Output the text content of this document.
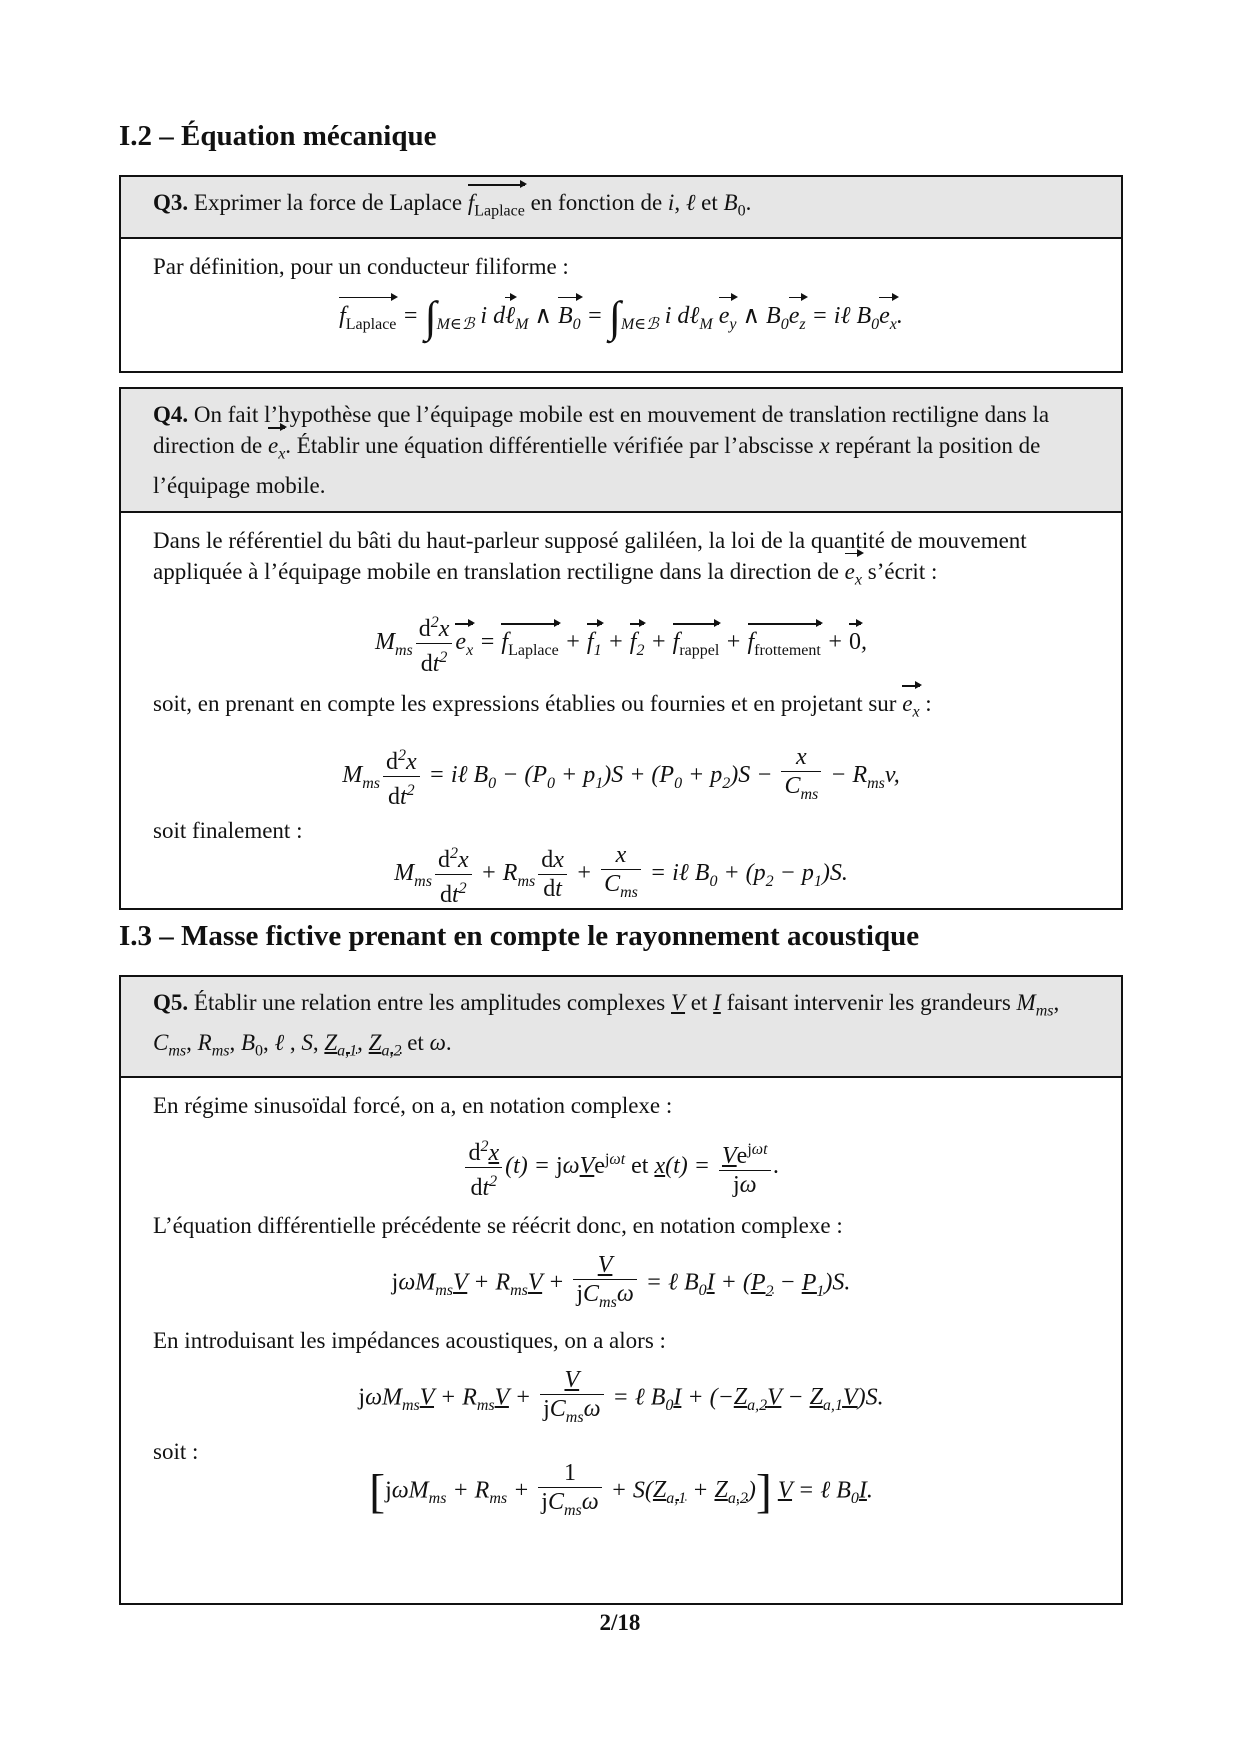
I.2 – Équation mécanique
Q3. Exprimer la force de Laplace $f_{Laplace}$ en fonction de i, ℓ et $B_0$.

Par définition, pour un conducteur filiforme :

$f_{Laplace} = \int_{M\in ℬ}$ i dℓ$_M$ ∧ $B_0 = \int_{M\in ℬ}$ i dℓ$_M$ $e_y$ ∧ $B_0e_z$ = iℓ $B_0e_x$.
Q4. On fait l’hypothèse que l’équipage mobile est en mouvement de translation rectiligne dans la direction de $e_x$. Établir une équation différentielle vérifiée par l’abscisse x repérant la position de l’équipage mobile.

Dans le référentiel du bâti du haut-parleur supposé galiléen, la loi de la quantité de mouvement appliquée à l’équipage mobile en translation rectiligne dans la direction de $e_x$ s’écrit :

$M_{ms} \frac{d^2x}{dt^2} e_x = f_{Laplace} + f_1 + f_2 + f_{rappel} + f_{frottement} + 0$,

soit, en prenant en compte les expressions établies ou fournies et en projetant sur $e_x$ :

$M_{ms} \frac{d^2x}{dt^2}$ = iℓ $B_0 - (P_0 + p_1)S + (P_0 + p_2)S - \frac{x}{C_{ms}} - R_{ms}v$,

soit finalement :

$M_{ms} \frac{d^2x}{dt^2} + R_{ms} \frac{dx}{dt} + \frac{x}{C_{ms}}$ = iℓ $B_0 + (p_2 - p_1)S$.
I.3 – Masse fictive prenant en compte le rayonnement acoustique
Q5. Établir une relation entre les amplitudes complexes V et I faisant intervenir les grandeurs $M_{ms}$, $C_{ms}$, $R_{ms}$, $B_0$, ℓ , S, $Z_{a,1}$, $Z_{a,2}$ et ω.

En régime sinusoïdal forcé, on a, en notation complexe :

$\frac{d^2x}{dt^2} (t) = j\omega Ve^{j\omega t}$ et $x(t) = \frac{Ve^{j\omega t}}{j\omega}$ .

L’équation différentielle précédente se réécrit donc, en notation complexe :

$j\omega M_{ms}V + R_{ms}V + \frac{V}{jC_{ms}\omega}$ = ℓ $B_0I + (P_2 - P_1)S$.

En introduisant les impédances acoustiques, on a alors :

$j\omega M_{ms}V + R_{ms}V + \frac{V}{jC_{ms}\omega}$ = ℓ $B_0I + (-Z_{a,2}V - Z_{a,1}V)S$.

soit :

$[j\omega M_{ms} + R_{ms} + \frac{1}{jC_{ms}\omega} + S(Z_{a,1} + Z_{a,2})]$ V = ℓ $B_0I$.
2/18
